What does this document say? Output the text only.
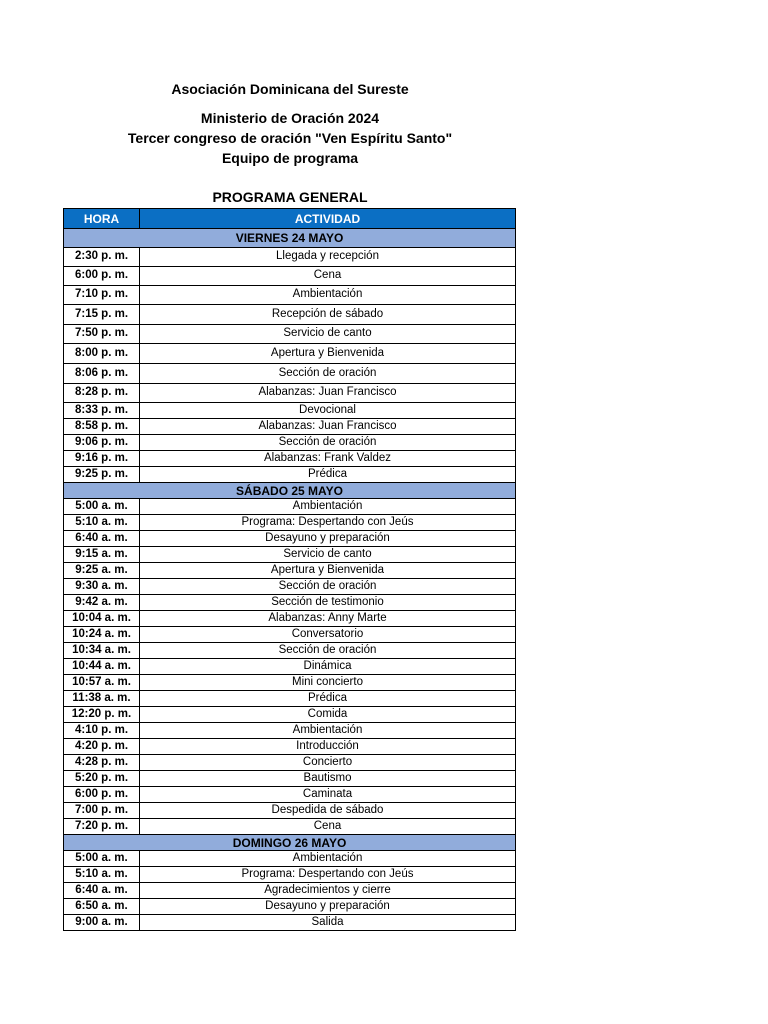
Asociación Dominicana del Sureste
Ministerio de Oración 2024
Tercer congreso de oración "Ven Espíritu Santo"
Equipo de programa
PROGRAMA GENERAL
HORA	ACTIVIDAD
VIERNES 24 MAYO	
2:30 p. m.	Llegada y recepción
6:00 p. m.	Cena
7:10 p. m.	Ambientación
7:15 p. m.	Recepción de sábado
7:50 p. m.	Servicio de canto
8:00 p. m.	Apertura y Bienvenida
8:06 p. m.	Sección de oración
8:28 p. m.	Alabanzas: Juan Francisco
8:33 p. m.	Devocional
8:58 p. m.	Alabanzas: Juan Francisco
9:06 p. m.	Sección de oración
9:16 p. m.	Alabanzas: Frank Valdez
9:25 p. m.	Prédica
SÁBADO 25 MAYO	
5:00 a. m.	Ambientación
5:10 a. m.	Programa: Despertando con Jeús
6:40 a. m.	Desayuno y preparación
9:15 a. m.	Servicio de canto
9:25 a. m.	Apertura y Bienvenida
9:30 a. m.	Sección de oración
9:42 a. m.	Sección de testimonio
10:04 a. m.	Alabanzas: Anny Marte
10:24 a. m.	Conversatorio
10:34 a. m.	Sección de oración
10:44 a. m.	Dinámica
10:57 a. m.	Mini concierto
11:38 a. m.	Prédica
12:20 p. m.	Comida
4:10 p. m.	Ambientación
4:20 p. m.	Introducción
4:28 p. m.	Concierto
5:20 p. m.	Bautismo
6:00 p. m.	Caminata
7:00 p. m.	Despedida de sábado
7:20 p. m.	Cena
DOMINGO 26 MAYO	
5:00 a. m.	Ambientación
5:10 a. m.	Programa: Despertando con Jeús
6:40 a. m.	Agradecimientos y cierre
6:50 a. m.	Desayuno y preparación
9:00 a. m.	Salida
